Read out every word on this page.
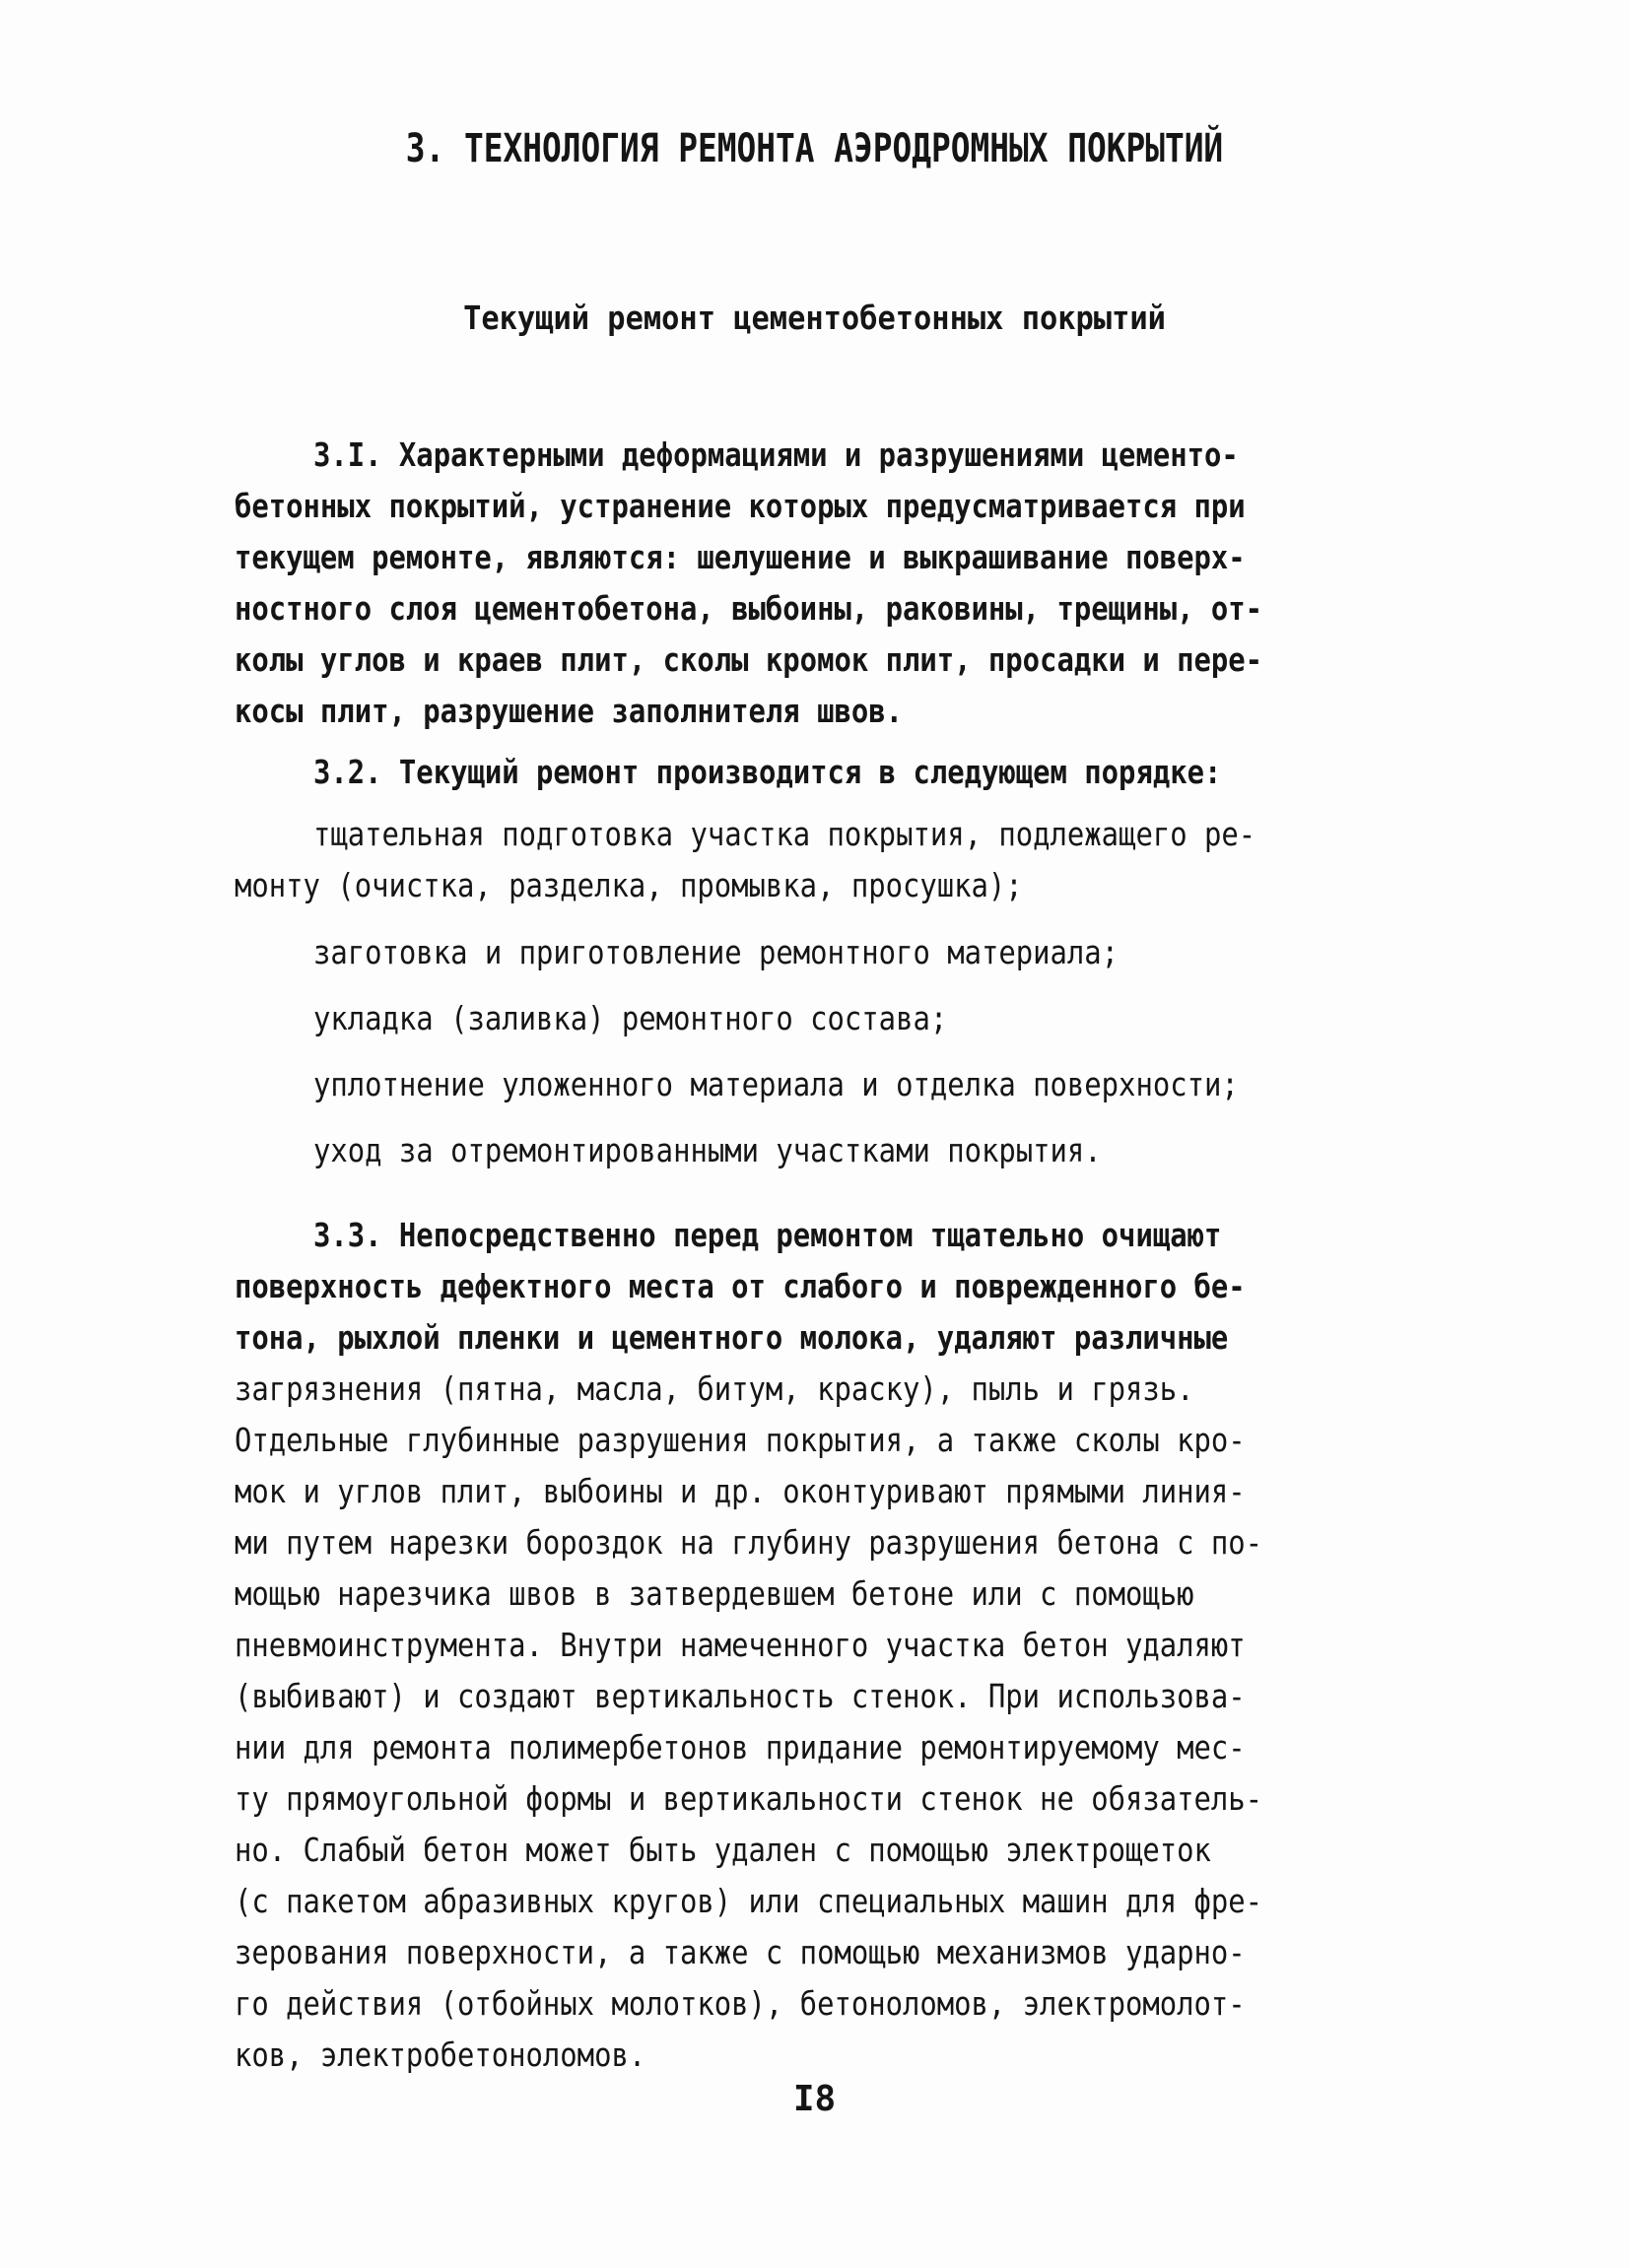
3. ТЕХНОЛОГИЯ РЕМОНТА АЭРОДРОМНЫХ ПОКРЫТИЙ
Текущий ремонт цементобетонных покрытий
3.I. Характерными деформациями и разрушениями цементо-
бетонных покрытий, устранение которых предусматривается при
текущем ремонте, являются: шелушение и выкрашивание поверх-
ностного слоя цементобетона, выбоины, раковины, трещины, от-
колы углов и краев плит, сколы кромок плит, просадки и пере-
косы плит, разрушение заполнителя швов.
3.2. Текущий ремонт производится в следующем порядке:
тщательная подготовка участка покрытия, подлежащего ре-
монту (очистка, разделка, промывка, просушка);
заготовка и приготовление ремонтного материала;
укладка (заливка) ремонтного состава;
уплотнение уложенного материала и отделка поверхности;
уход за отремонтированными участками покрытия.
3.3. Непосредственно перед ремонтом тщательно очищают
поверхность дефектного места от слабого и поврежденного бе-
тона, рыхлой пленки и цементного молока, удаляют различные
загрязнения (пятна, масла, битум, краску), пыль и грязь.
Отдельные глубинные разрушения покрытия, а также сколы кро-
мок и углов плит, выбоины и др. оконтуривают прямыми линия-
ми путем нарезки бороздок на глубину разрушения бетона с по-
мощью нарезчика швов в затвердевшем бетоне или с помощью
пневмоинструмента. Внутри намеченного участка бетон удаляют
(выбивают) и создают вертикальность стенок. При использова-
нии для ремонта полимербетонов придание ремонтируемому мес-
ту прямоугольной формы и вертикальности стенок не обязатель-
но. Слабый бетон может быть удален с помощью электрощеток
(с пакетом абразивных кругов) или специальных машин для фре-
зерования поверхности, а также с помощью механизмов ударно-
го действия (отбойных молотков), бетоноломов, электромолот-
ков, электробетоноломов.
I8
